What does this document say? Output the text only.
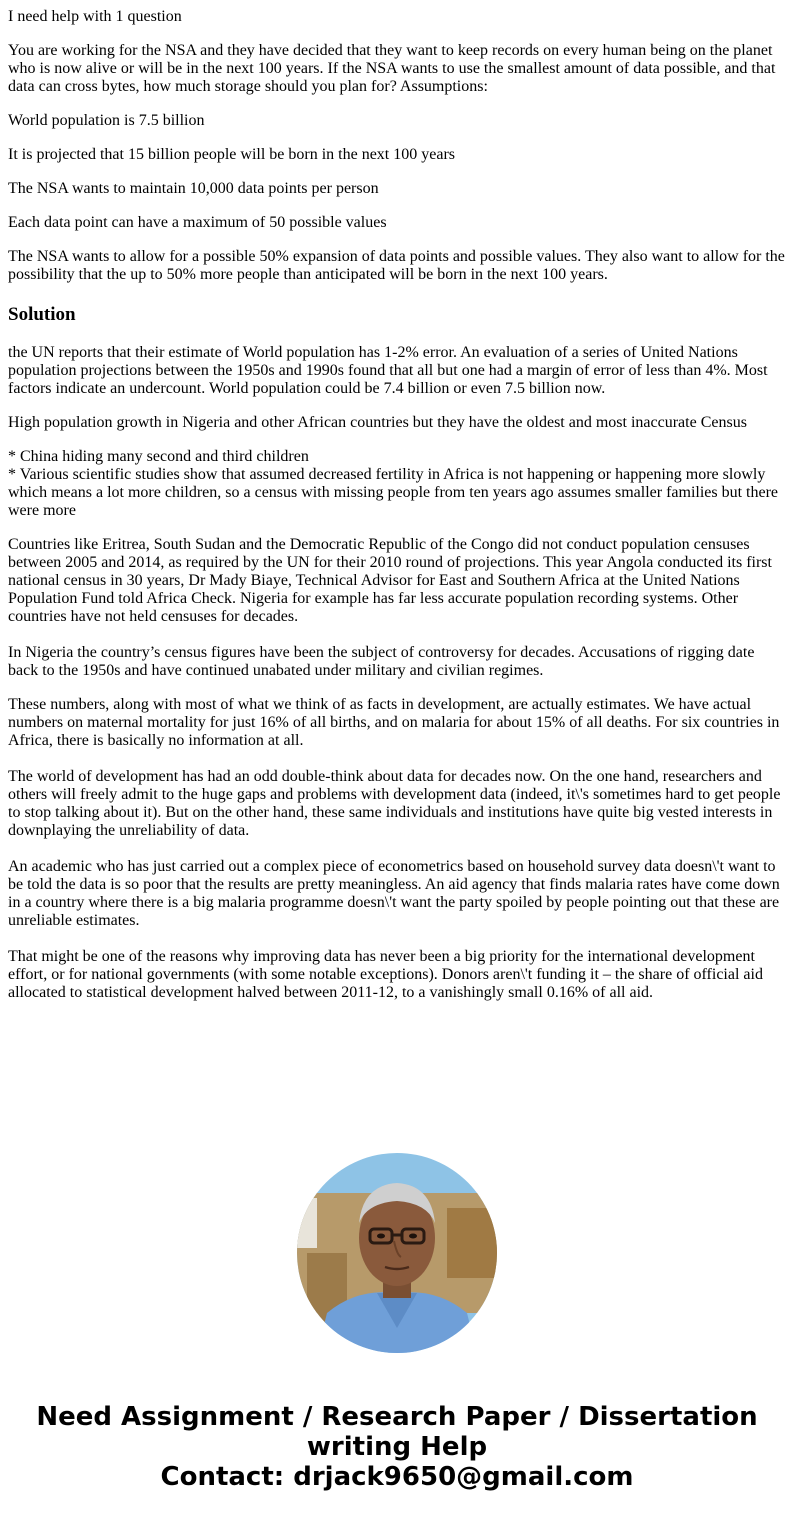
I need help with 1 question

You are working for the NSA and they have decided that they want to keep records on every human being on the planet who is now alive or will be in the next 100 years. If the NSA wants to use the smallest amount of data possible, and that data can cross bytes, how much storage should you plan for? Assumptions:

World population is 7.5 billion

It is projected that 15 billion people will be born in the next 100 years

The NSA wants to maintain 10,000 data points per person

Each data point can have a maximum of 50 possible values

The NSA wants to allow for a possible 50% expansion of data points and possible values. They also want to allow for the possibility that the up to 50% more people than anticipated will be born in the next 100 years.

Solution

the UN reports that their estimate of World population has 1-2% error. An evaluation of a series of United Nations population projections between the 1950s and 1990s found that all but one had a margin of error of less than 4%. Most factors indicate an undercount. World population could be 7.4 billion or even 7.5 billion now.

High population growth in Nigeria and other African countries but they have the oldest and most inaccurate Census

* China hiding many second and third children
* Various scientific studies show that assumed decreased fertility in Africa is not happening or happening more slowly which means a lot more children, so a census with missing people from ten years ago assumes smaller families but there were more

Countries like Eritrea, South Sudan and the Democratic Republic of the Congo did not conduct population censuses between 2005 and 2014, as required by the UN for their 2010 round of projections. This year Angola conducted its first national census in 30 years, Dr Mady Biaye, Technical Advisor for East and Southern Africa at the United Nations Population Fund told Africa Check. Nigeria for example has far less accurate population recording systems. Other countries have not held censuses for decades.

In Nigeria the country’s census figures have been the subject of controversy for decades. Accusations of rigging date back to the 1950s and have continued unabated under military and civilian regimes.

These numbers, along with most of what we think of as facts in development, are actually estimates. We have actual numbers on maternal mortality for just 16% of all births, and on malaria for about 15% of all deaths. For six countries in Africa, there is basically no information at all.

The world of development has had an odd double-think about data for decades now. On the one hand, researchers and others will freely admit to the huge gaps and problems with development data (indeed, it\'s sometimes hard to get people to stop talking about it). But on the other hand, these same individuals and institutions have quite big vested interests in downplaying the unreliability of data.

An academic who has just carried out a complex piece of econometrics based on household survey data doesn\'t want to be told the data is so poor that the results are pretty meaningless. An aid agency that finds malaria rates have come down in a country where there is a big malaria programme doesn\'t want the party spoiled by people pointing out that these are unreliable estimates.

That might be one of the reasons why improving data has never been a big priority for the international development effort, or for national governments (with some notable exceptions). Donors aren\'t funding it – the share of official aid allocated to statistical development halved between 2011-12, to a vanishingly small 0.16% of all aid.

Need Assignment / Research Paper / Dissertation
writing Help
Contact: drjack9650@gmail.com
